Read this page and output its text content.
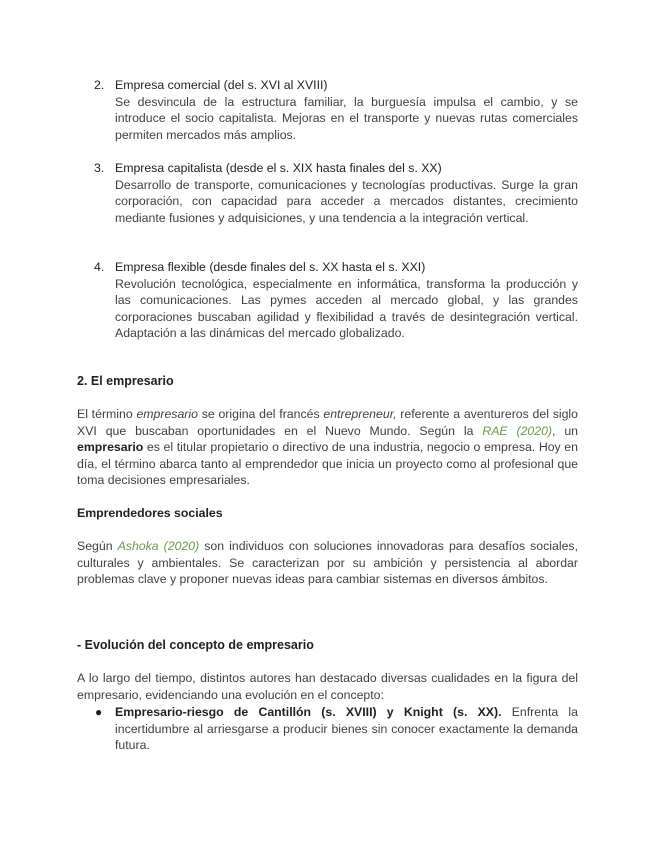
2. Empresa comercial (del s. XVI al XVIII)
Se desvincula de la estructura familiar, la burguesía impulsa el cambio, y se introduce el socio capitalista. Mejoras en el transporte y nuevas rutas comerciales permiten mercados más amplios.
3. Empresa capitalista (desde el s. XIX hasta finales del s. XX)
Desarrollo de transporte, comunicaciones y tecnologías productivas. Surge la gran corporación, con capacidad para acceder a mercados distantes, crecimiento mediante fusiones y adquisiciones, y una tendencia a la integración vertical.
4. Empresa flexible (desde finales del s. XX hasta el s. XXI)
Revolución tecnológica, especialmente en informática, transforma la producción y las comunicaciones. Las pymes acceden al mercado global, y las grandes corporaciones buscaban agilidad y flexibilidad a través de desintegración vertical. Adaptación a las dinámicas del mercado globalizado.
2. El empresario

El término empresario se origina del francés entrepreneur, referente a aventureros del siglo XVI que buscaban oportunidades en el Nuevo Mundo. Según la RAE (2020), un empresario es el titular propietario o directivo de una industria, negocio o empresa. Hoy en día, el término abarca tanto al emprendedor que inicia un proyecto como al profesional que toma decisiones empresariales.

Emprendedores sociales

Según Ashoka (2020) son individuos con soluciones innovadoras para desafíos sociales, culturales y ambientales. Se caracterizan por su ambición y persistencia al abordar problemas clave y proponer nuevas ideas para cambiar sistemas en diversos ámbitos.

- Evolución del concepto de empresario

A lo largo del tiempo, distintos autores han destacado diversas cualidades en la figura del empresario, evidenciando una evolución en el concepto:

● Empresario-riesgo de Cantillón (s. XVIII) y Knight (s. XX). Enfrenta la incertidumbre al arriesgarse a producir bienes sin conocer exactamente la demanda futura.
